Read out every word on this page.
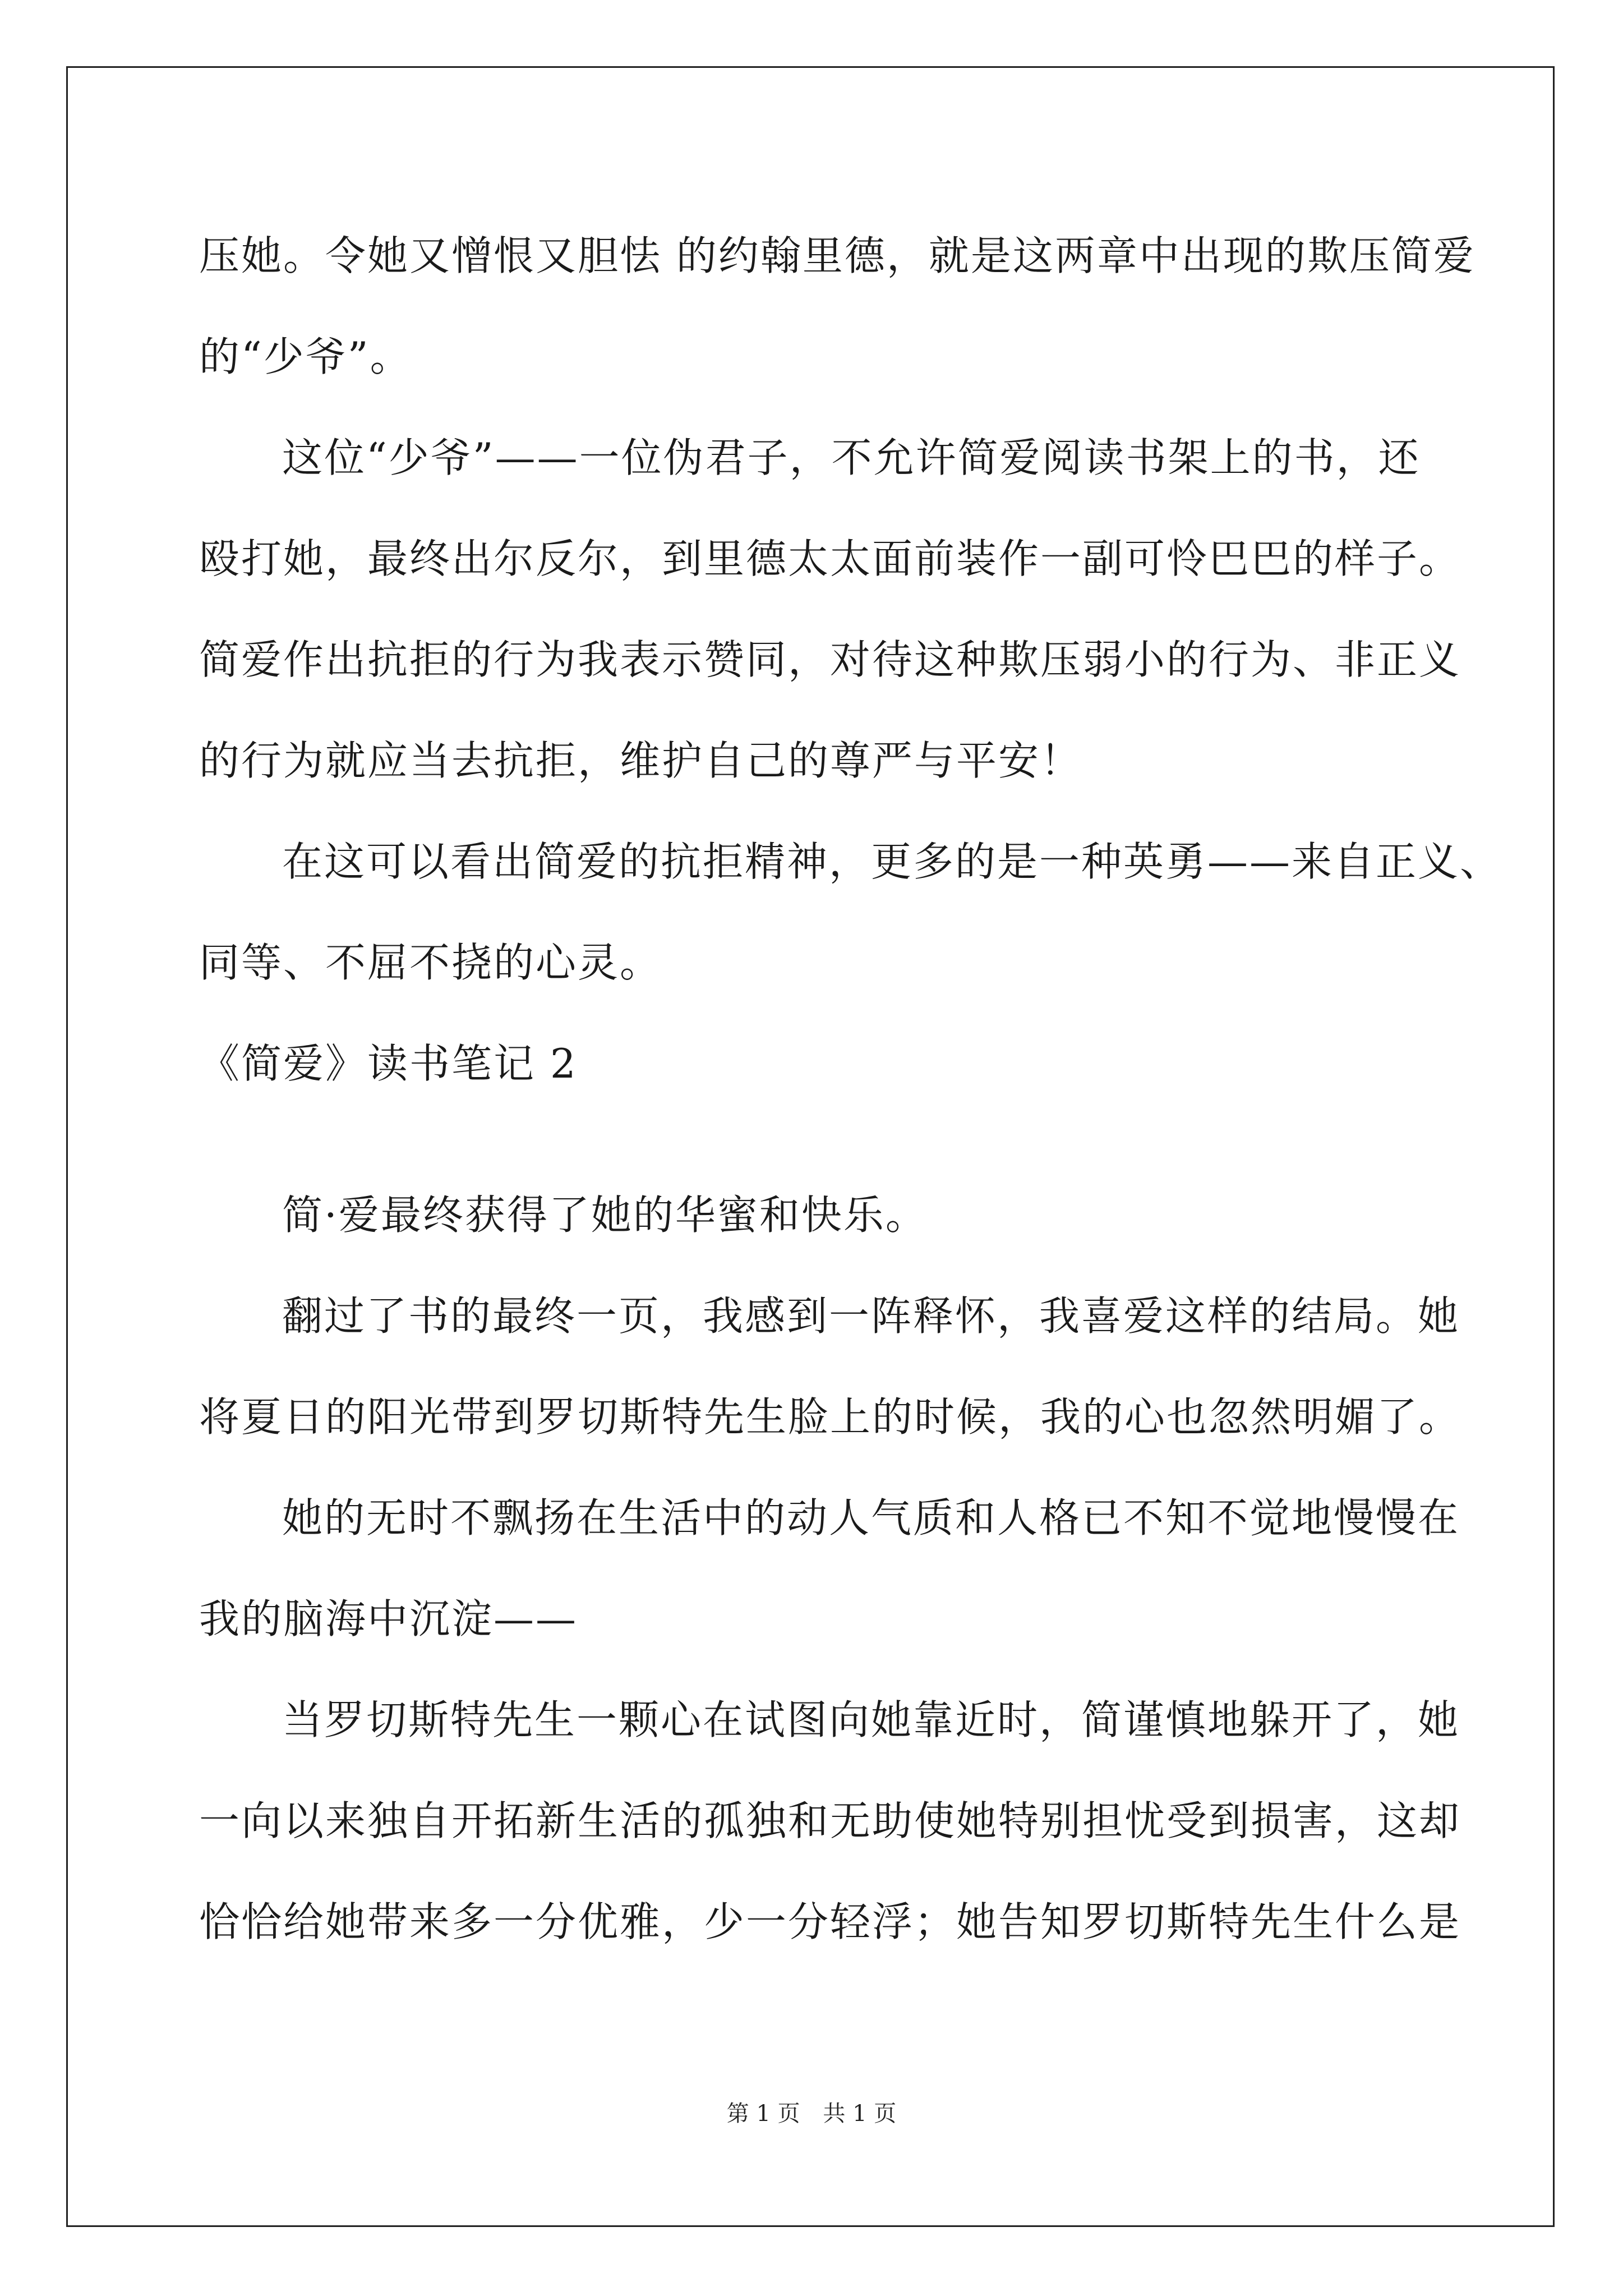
压她。令她又憎恨又胆怯 的约翰里德，就是这两章中出现的欺压简爱
的“少爷”。
这位“少爷”——一位伪君子，不允许简爱阅读书架上的书，还
殴打她，最终出尔反尔，到里德太太面前装作一副可怜巴巴的样子。
简爱作出抗拒的行为我表示赞同，对待这种欺压弱小的行为、非正义
的行为就应当去抗拒，维护自己的尊严与平安！
在这可以看出简爱的抗拒精神，更多的是一种英勇——来自正义、
同等、不屈不挠的心灵。
《简爱》读书笔记 2
简·爱最终获得了她的华蜜和快乐。
翻过了书的最终一页，我感到一阵释怀，我喜爱这样的结局。她
将夏日的阳光带到罗切斯特先生脸上的时候，我的心也忽然明媚了。
她的无时不飘扬在生活中的动人气质和人格已不知不觉地慢慢在
我的脑海中沉淀——
当罗切斯特先生一颗心在试图向她靠近时，简谨慎地躲开了，她
一向以来独自开拓新生活的孤独和无助使她特别担忧受到损害，这却
恰恰给她带来多一分优雅，少一分轻浮；她告知罗切斯特先生什么是
第 1 页 共 1 页
